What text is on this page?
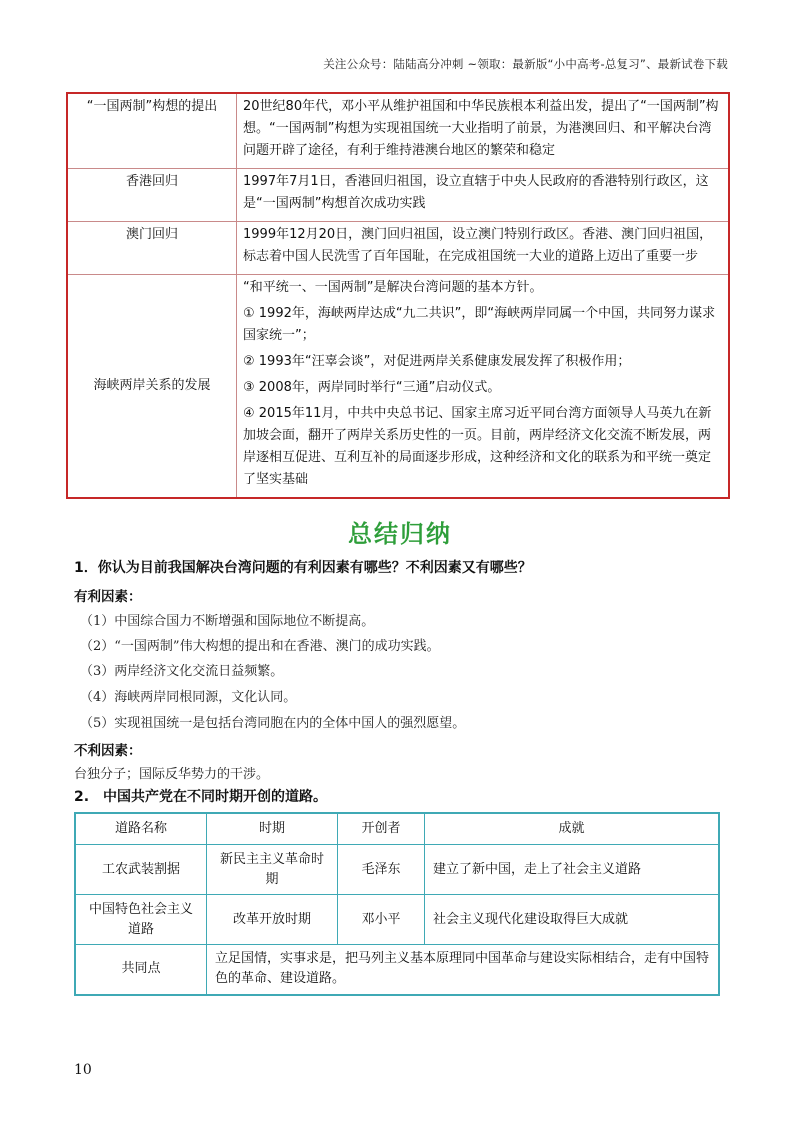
关注公众号：陆陆高分冲刺 ~领取：最新版“小中高考-总复习”、最新试卷下载
“一国两制”构想的提出	20世纪80年代，邓小平从维护祖国和中华民族根本利益出发，提出了“一国两制”构想。“一国两制”构想为实现祖国统一大业指明了前景，为港澳回归、和平解决台湾问题开辟了途径，有利于维持港澳台地区的繁荣和稳定

香港回归	1997年7月1日，香港回归祖国，设立直辖于中央人民政府的香港特别行政区，这是“一国两制”构想首次成功实践

澳门回归	1999年12月20日，澳门回归祖国，设立澳门特别行政区。香港、澳门回归祖国，标志着中国人民洗雪了百年国耻，在完成祖国统一大业的道路上迈出了重要一步

海峡两岸关系的发展	“和平统一、一国两制”是解决台湾问题的基本方针。

① 1992年，海峡两岸达成“九二共识”，即“海峡两岸同属一个中国，共同努力谋求国家统一”；

② 1993年“汪辜会谈”，对促进两岸关系健康发展发挥了积极作用；

③ 2008年，两岸同时举行“三通”启动仪式。

④ 2015年11月，中共中央总书记、国家主席习近平同台湾方面领导人马英九在新加坡会面，翻开了两岸关系历史性的一页。目前，两岸经济文化交流不断发展，两岸逐相互促进、互利互补的局面逐步形成，这种经济和文化的联系为和平统一奠定了坚实基础

总结归纳
1．你认为目前我国解决台湾问题的有利因素有哪些？不利因素又有哪些？
有利因素：
（1）中国综合国力不断增强和国际地位不断提高。
（2）“一国两制”伟大构想的提出和在香港、澳门的成功实践。
（3）两岸经济文化交流日益频繁。
（4）海峡两岸同根同源，文化认同。
（5）实现祖国统一是包括台湾同胞在内的全体中国人的强烈愿望。
不利因素：
台独分子；国际反华势力的干涉。
2.　中国共产党在不同时期开创的道路。
道路名称	时期	开创者	成就
工农武装割据	新民主主义革命时期	毛泽东	建立了新中国，走上了社会主义道路
中国特色社会主义道路	改革开放时期	邓小平	社会主义现代化建设取得巨大成就
共同点	立足国情，实事求是，把马列主义基本原理同中国革命与建设实际相结合，走有中国特色的革命、建设道路。		
10
